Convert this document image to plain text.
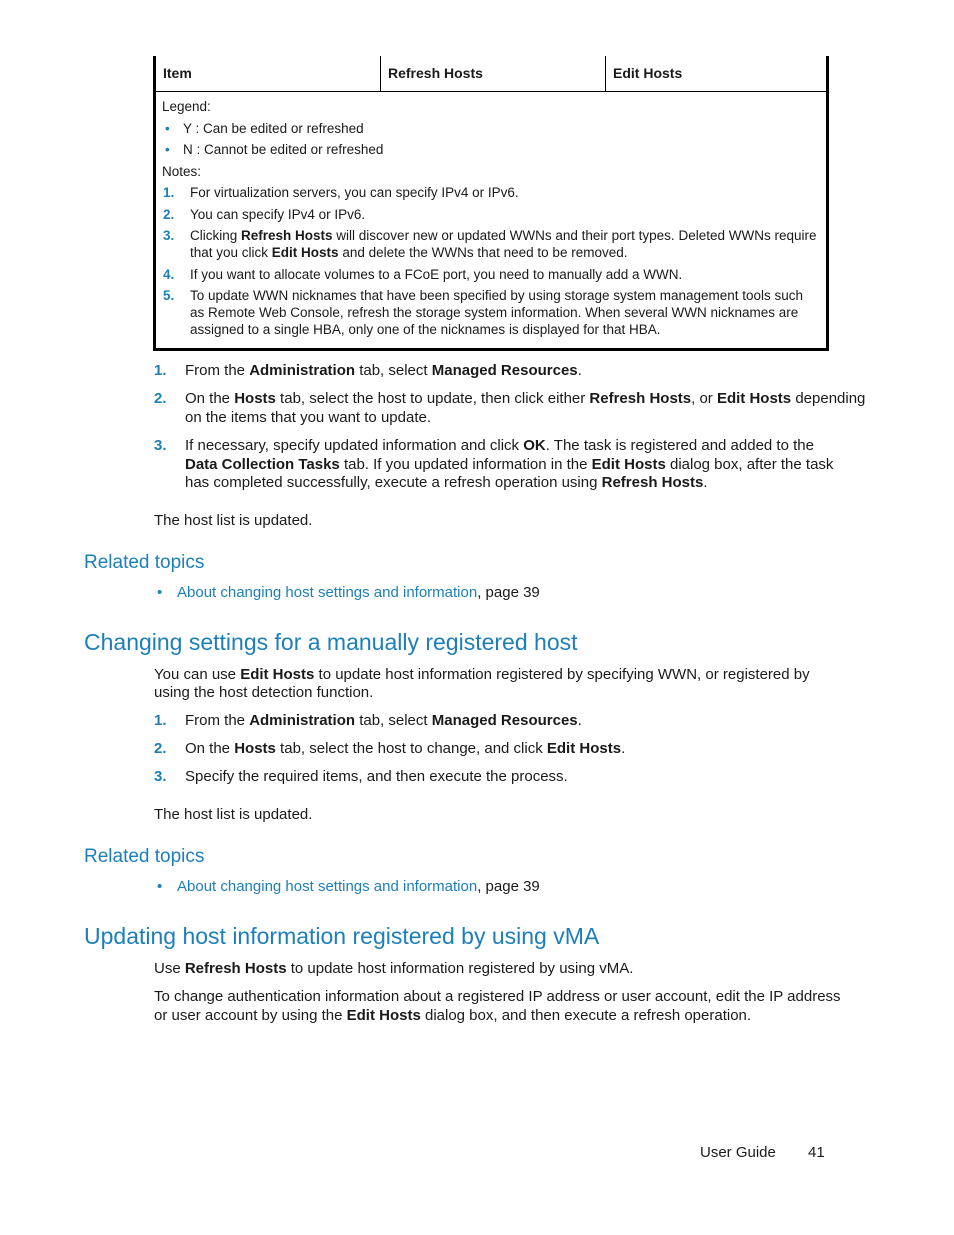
Item	Refresh Hosts	Edit Hosts
Legend:
• Y : Can be edited or refreshed
• N : Cannot be edited or refreshed
Notes:
1. For virtualization servers, you can specify IPv4 or IPv6.
2. You can specify IPv4 or IPv6.
3. Clicking Refresh Hosts will discover new or updated WWNs and their port types. Deleted WWNs require
that you click Edit Hosts and delete the WWNs that need to be removed.
4. If you want to allocate volumes to a FCoE port, you need to manually add a WWN.
5. To update WWN nicknames that have been specified by using storage system management tools such
as Remote Web Console, refresh the storage system information. When several WWN nicknames are
assigned to a single HBA, only one of the nicknames is displayed for that HBA.
1. From the Administration tab, select Managed Resources.
2. On the Hosts tab, select the host to update, then click either Refresh Hosts, or Edit Hosts depending
on the items that you want to update.
3. If necessary, specify updated information and click OK. The task is registered and added to the
Data Collection Tasks tab. If you updated information in the Edit Hosts dialog box, after the task
has completed successfully, execute a refresh operation using Refresh Hosts.
The host list is updated.
Related topics
• About changing host settings and information, page 39
Changing settings for a manually registered host
You can use Edit Hosts to update host information registered by specifying WWN, or registered by
using the host detection function.
1. From the Administration tab, select Managed Resources.
2. On the Hosts tab, select the host to change, and click Edit Hosts.
3. Specify the required items, and then execute the process.
The host list is updated.
Related topics
• About changing host settings and information, page 39
Updating host information registered by using vMA
Use Refresh Hosts to update host information registered by using vMA.
To change authentication information about a registered IP address or user account, edit the IP address
or user account by using the Edit Hosts dialog box, and then execute a refresh operation.
User Guide 41
